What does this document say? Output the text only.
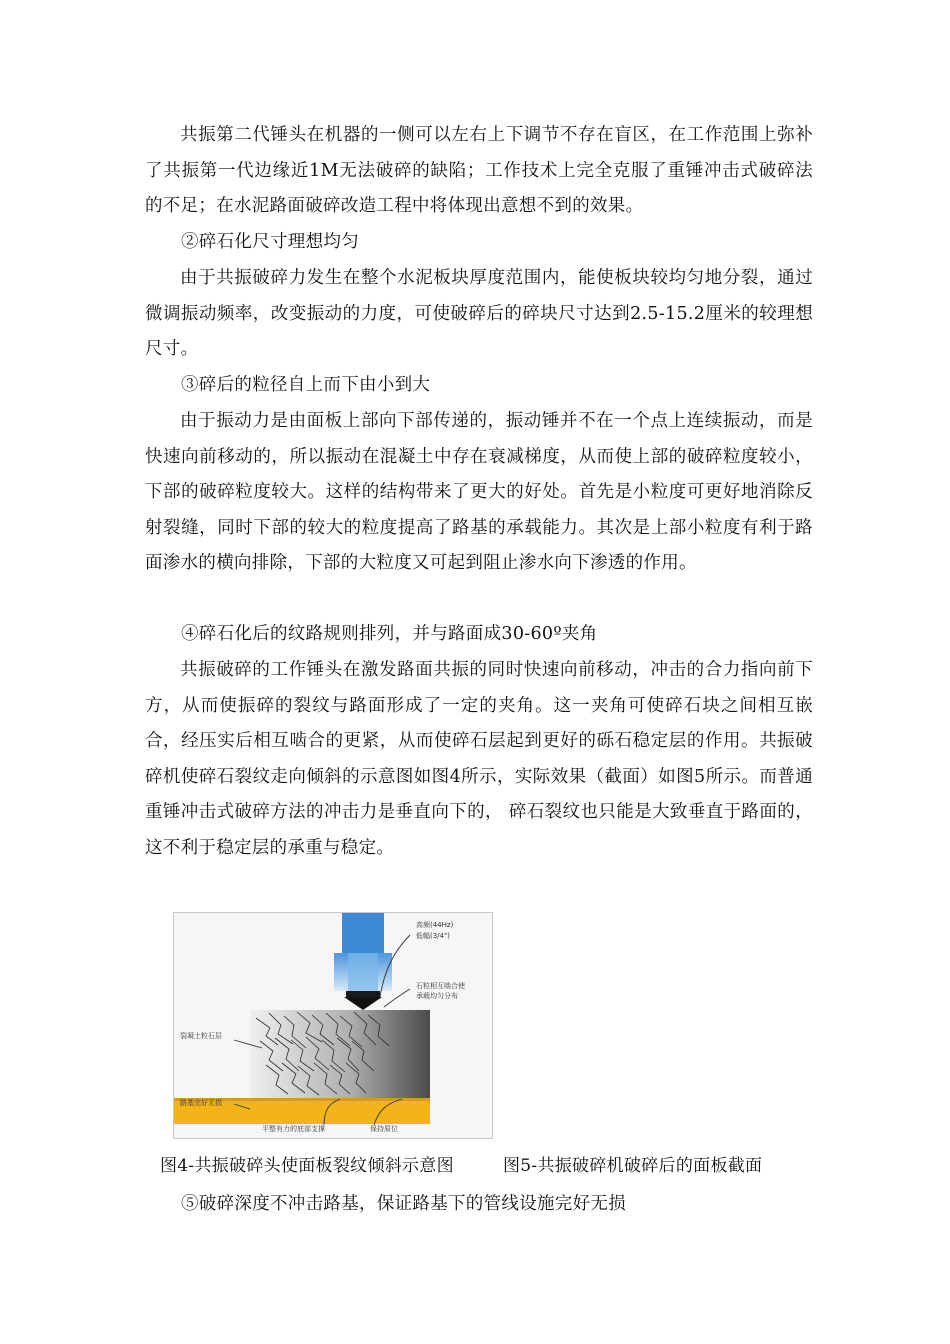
共振第二代锤头在机器的一侧可以左右上下调节不存在盲区，在工作范围上弥补了共振第一代边缘近1M无法破碎的缺陷；工作技术上完全克服了重锤冲击式破碎法的不足；在水泥路面破碎改造工程中将体现出意想不到的效果。

②碎石化尺寸理想均匀

由于共振破碎力发生在整个水泥板块厚度范围内，能使板块较均匀地分裂，通过微调振动频率，改变振动的力度，可使破碎后的碎块尺寸达到2.5-15.2厘米的较理想尺寸。

③碎后的粒径自上而下由小到大

由于振动力是由面板上部向下部传递的，振动锤并不在一个点上连续振动，而是快速向前移动的，所以振动在混凝土中存在衰减梯度，从而使上部的破碎粒度较小，下部的破碎粒度较大。这样的结构带来了更大的好处。首先是小粒度可更好地消除反射裂缝，同时下部的较大的粒度提高了路基的承载能力。其次是上部小粒度有利于路面渗水的横向排除，下部的大粒度又可起到阻止渗水向下渗透的作用。

④碎石化后的纹路规则排列，并与路面成30-60º夹角

共振破碎的工作锤头在激发路面共振的同时快速向前移动，冲击的合力指向前下方，从而使振碎的裂纹与路面形成了一定的夹角。这一夹角可使碎石块之间相互嵌合，经压实后相互啮合的更紧，从而使碎石层起到更好的砾石稳定层的作用。共振破碎机使碎石裂纹走向倾斜的示意图如图4所示，实际效果（截面）如图5所示。而普通重锤冲击式破碎方法的冲击力是垂直向下的， 碎石裂纹也只能是大致垂直于路面的，这不利于稳定层的承重与稳定。

高频(44Hz)
低幅(3/4")
石粒相互啮合使
承载均匀分布
裂凝土粒石层
路基完好无损
平整有力的底部支撑	保持原位
图4-共振破碎头使面板裂纹倾斜示意图	图5-共振破碎机破碎后的面板截面

⑤破碎深度不冲击路基，保证路基下的管线设施完好无损
